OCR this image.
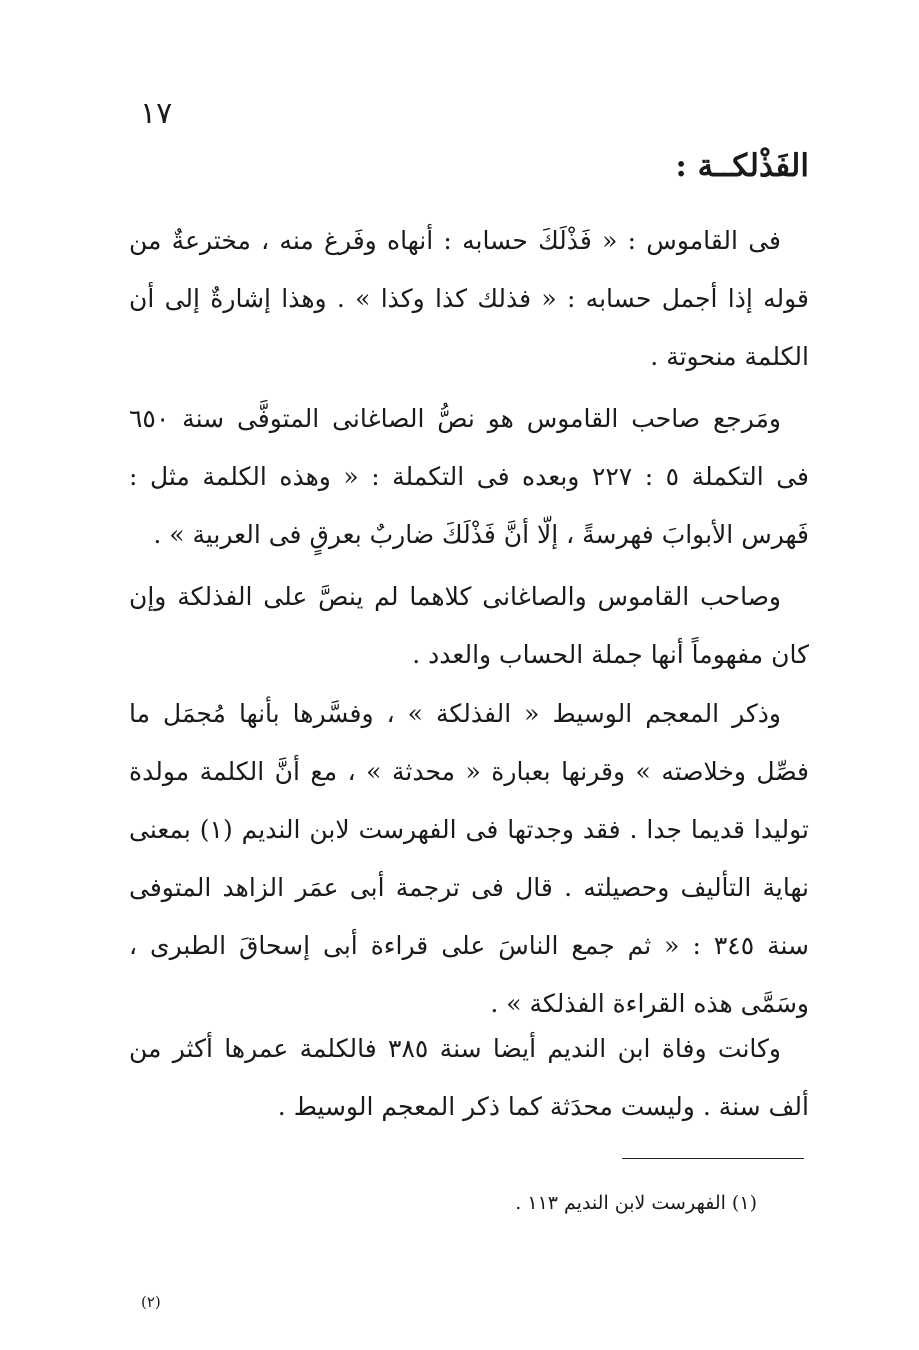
١٧
الفَذْلكــة :

فى القاموس : « فَذْلَكَ حسابه : أنهاه وفَرغ منه ، مخترعةٌ من قوله إذا أجمل حسابه : « فذلك كذا وكذا » . وهذا إشارةٌ إلى أن الكلمة منحوتة .

ومَرجع صاحب القاموس هو نصُّ الصاغانى المتوفَّى سنة ٦٥٠ فى التكملة ٥ : ٢٢٧ وبعده فى التكملة : « وهذه الكلمة مثل : فَهرس الأبوابَ فهرسةً ، إلّا أنَّ فَذْلَكَ ضاربٌ بعرقٍ فى العربية » .

وصاحب القاموس والصاغانى كلاهما لم ينصَّ على الفذلكة وإن كان مفهوماً أنها جملة الحساب والعدد .

وذكر المعجم الوسيط « الفذلكة » ، وفسَّرها بأنها مُجمَل ما فصِّل وخلاصته » وقرنها بعبارة « محدثة » ، مع أنَّ الكلمة مولدة توليدا قديما جدا . فقد وجدتها فى الفهرست لابن النديم (١) بمعنى نهاية التأليف وحصيلته . قال فى ترجمة أبى عمَر الزاهد المتوفى سنة ٣٤٥ : « ثم جمع الناسَ على قراءة أبى إسحاقَ الطبرى ، وسَمَّى هذه القراءة الفذلكة » .

وكانت وفاة ابن النديم أيضا سنة ٣٨٥ فالكلمة عمرها أكثر من ألف سنة . وليست محدَثة كما ذكر المعجم الوسيط .

(١) الفهرست لابن النديم ١١٣ .
(٢)
